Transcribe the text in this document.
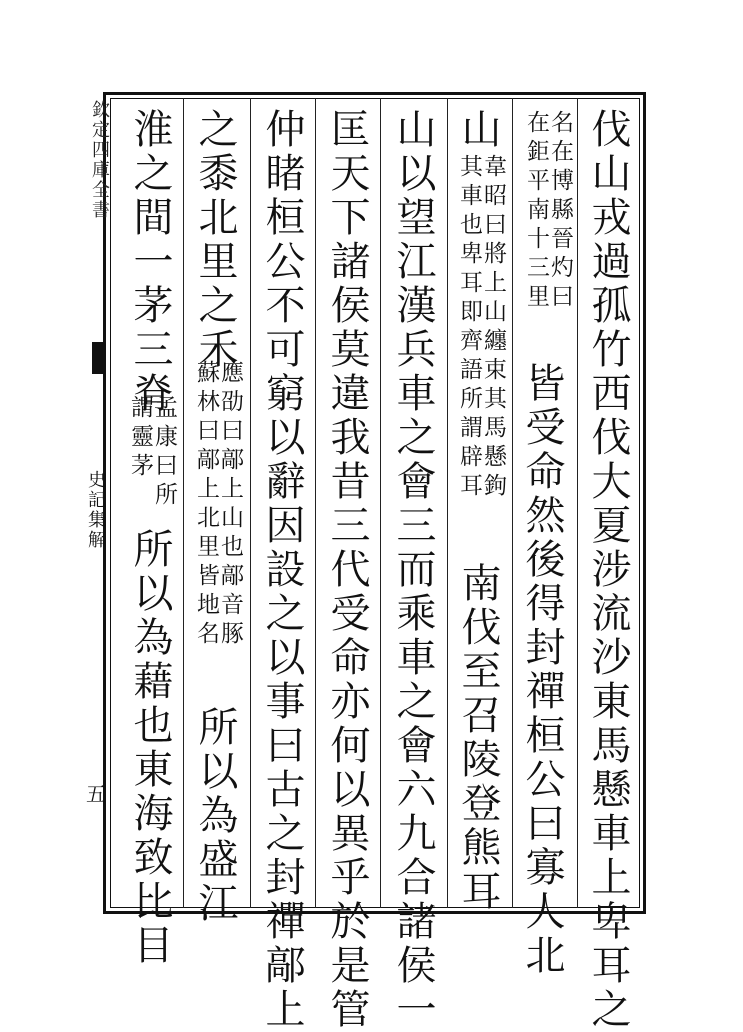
欽定四庫全書
史記集解
五	伐山戎過孤竹西伐大夏涉流沙東馬懸車上卑耳之
名在博縣晉灼曰
在鉅平南十三里
皆受命然後得封禪桓公曰寡人北
山
韋昭曰將上山纏束其馬懸鉤
其車也卑耳即齊語所謂辟耳
南伐至召陵登熊耳
山以望江漢兵車之會三而乘車之會六九合諸侯一
匡天下諸侯莫違我昔三代受命亦何以異乎於是管
仲睹桓公不可窮以辭因設之以事曰古之封禪鄗上
之黍北里之禾
應劭曰鄗上山也鄗音䐁
蘇林曰鄗上北里皆地名
所以為盛江
淮之間一茅三脊
孟康曰所
謂靈茅
所以為藉也東海致比目
